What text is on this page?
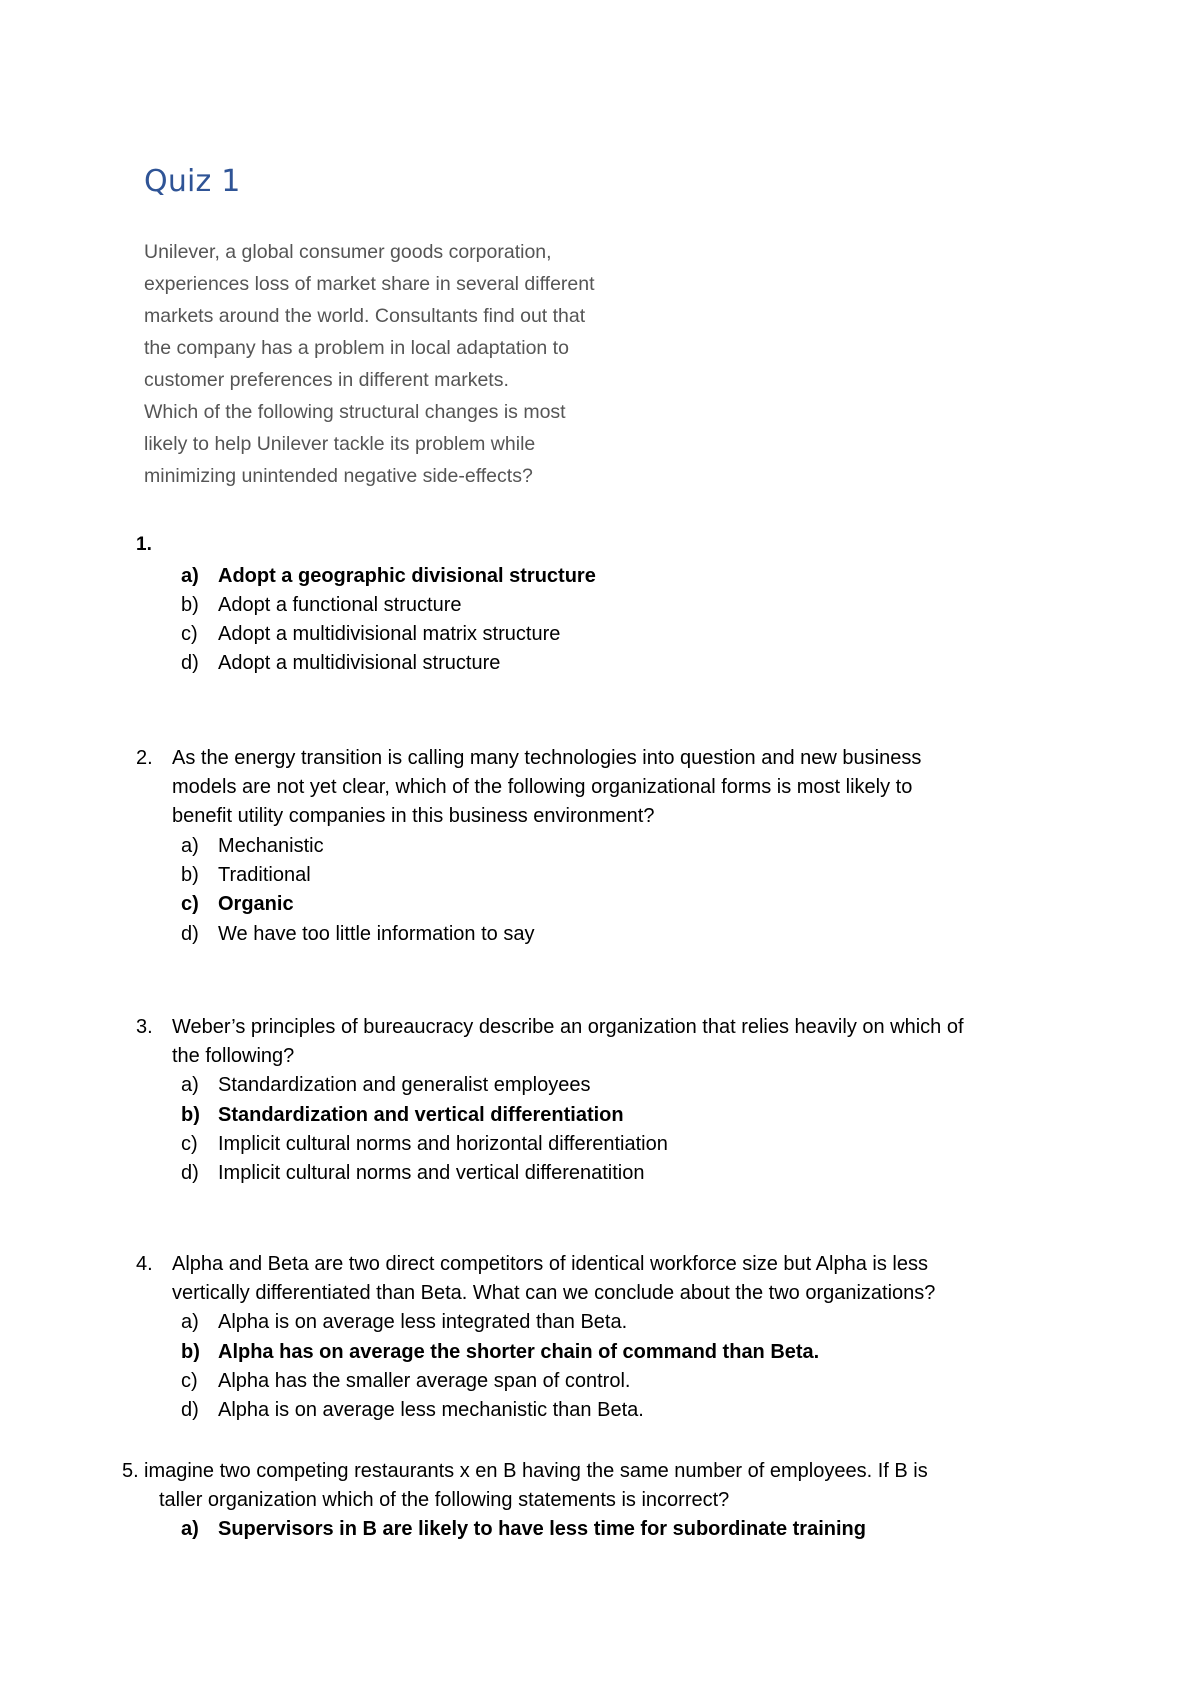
Quiz 1
Unilever, a global consumer goods corporation,
experiences loss of market share in several different
markets around the world. Consultants find out that
the company has a problem in local adaptation to
customer preferences in different markets.
Which of the following structural changes is most
likely to help Unilever tackle its problem while
minimizing unintended negative side-effects?
1.
a) Adopt a geographic divisional structure
b) Adopt a functional structure
c) Adopt a multidivisional matrix structure
d) Adopt a multidivisional structure
2. As the energy transition is calling many technologies into question and new business
models are not yet clear, which of the following organizational forms is most likely to
benefit utility companies in this business environment?
a) Mechanistic
b) Traditional
c) Organic
d) We have too little information to say
3. Weber’s principles of bureaucracy describe an organization that relies heavily on which of
the following?
a) Standardization and generalist employees
b) Standardization and vertical differentiation
c) Implicit cultural norms and horizontal differentiation
d) Implicit cultural norms and vertical differenatition
4. Alpha and Beta are two direct competitors of identical workforce size but Alpha is less
vertically differentiated than Beta. What can we conclude about the two organizations?
a) Alpha is on average less integrated than Beta.
b) Alpha has on average the shorter chain of command than Beta.
c) Alpha has the smaller average span of control.
d) Alpha is on average less mechanistic than Beta.
5. imagine two competing restaurants x en B having the same number of employees. If B is
taller organization which of the following statements is incorrect?
a) Supervisors in B are likely to have less time for subordinate training
